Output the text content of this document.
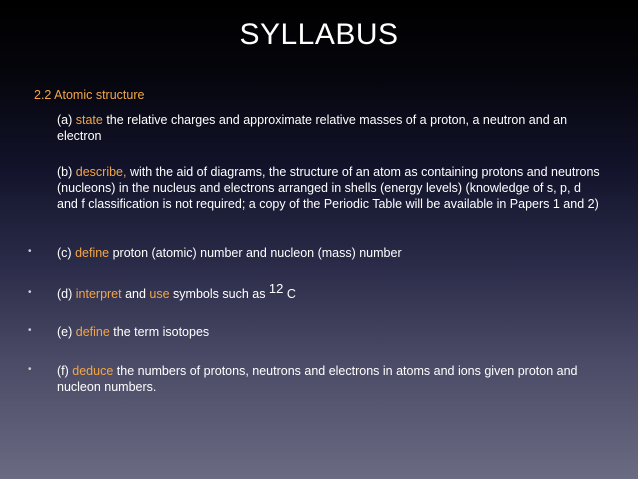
SYLLABUS
2.2 Atomic structure
(a) state the relative charges and approximate relative masses of a proton, a neutron and an electron
(b) describe, with the aid of diagrams, the structure of an atom as containing protons and neutrons (nucleons) in the nucleus and electrons arranged in shells (energy levels) (knowledge of s, p, d and f classification is not required; a copy of the Periodic Table will be available in Papers 1 and 2)
• (c) define proton (atomic) number and nucleon (mass) number
• (d) interpret and use symbols such as 12 C
• (e) define the term isotopes
• (f) deduce the numbers of protons, neutrons and electrons in atoms and ions given proton and nucleon numbers.
